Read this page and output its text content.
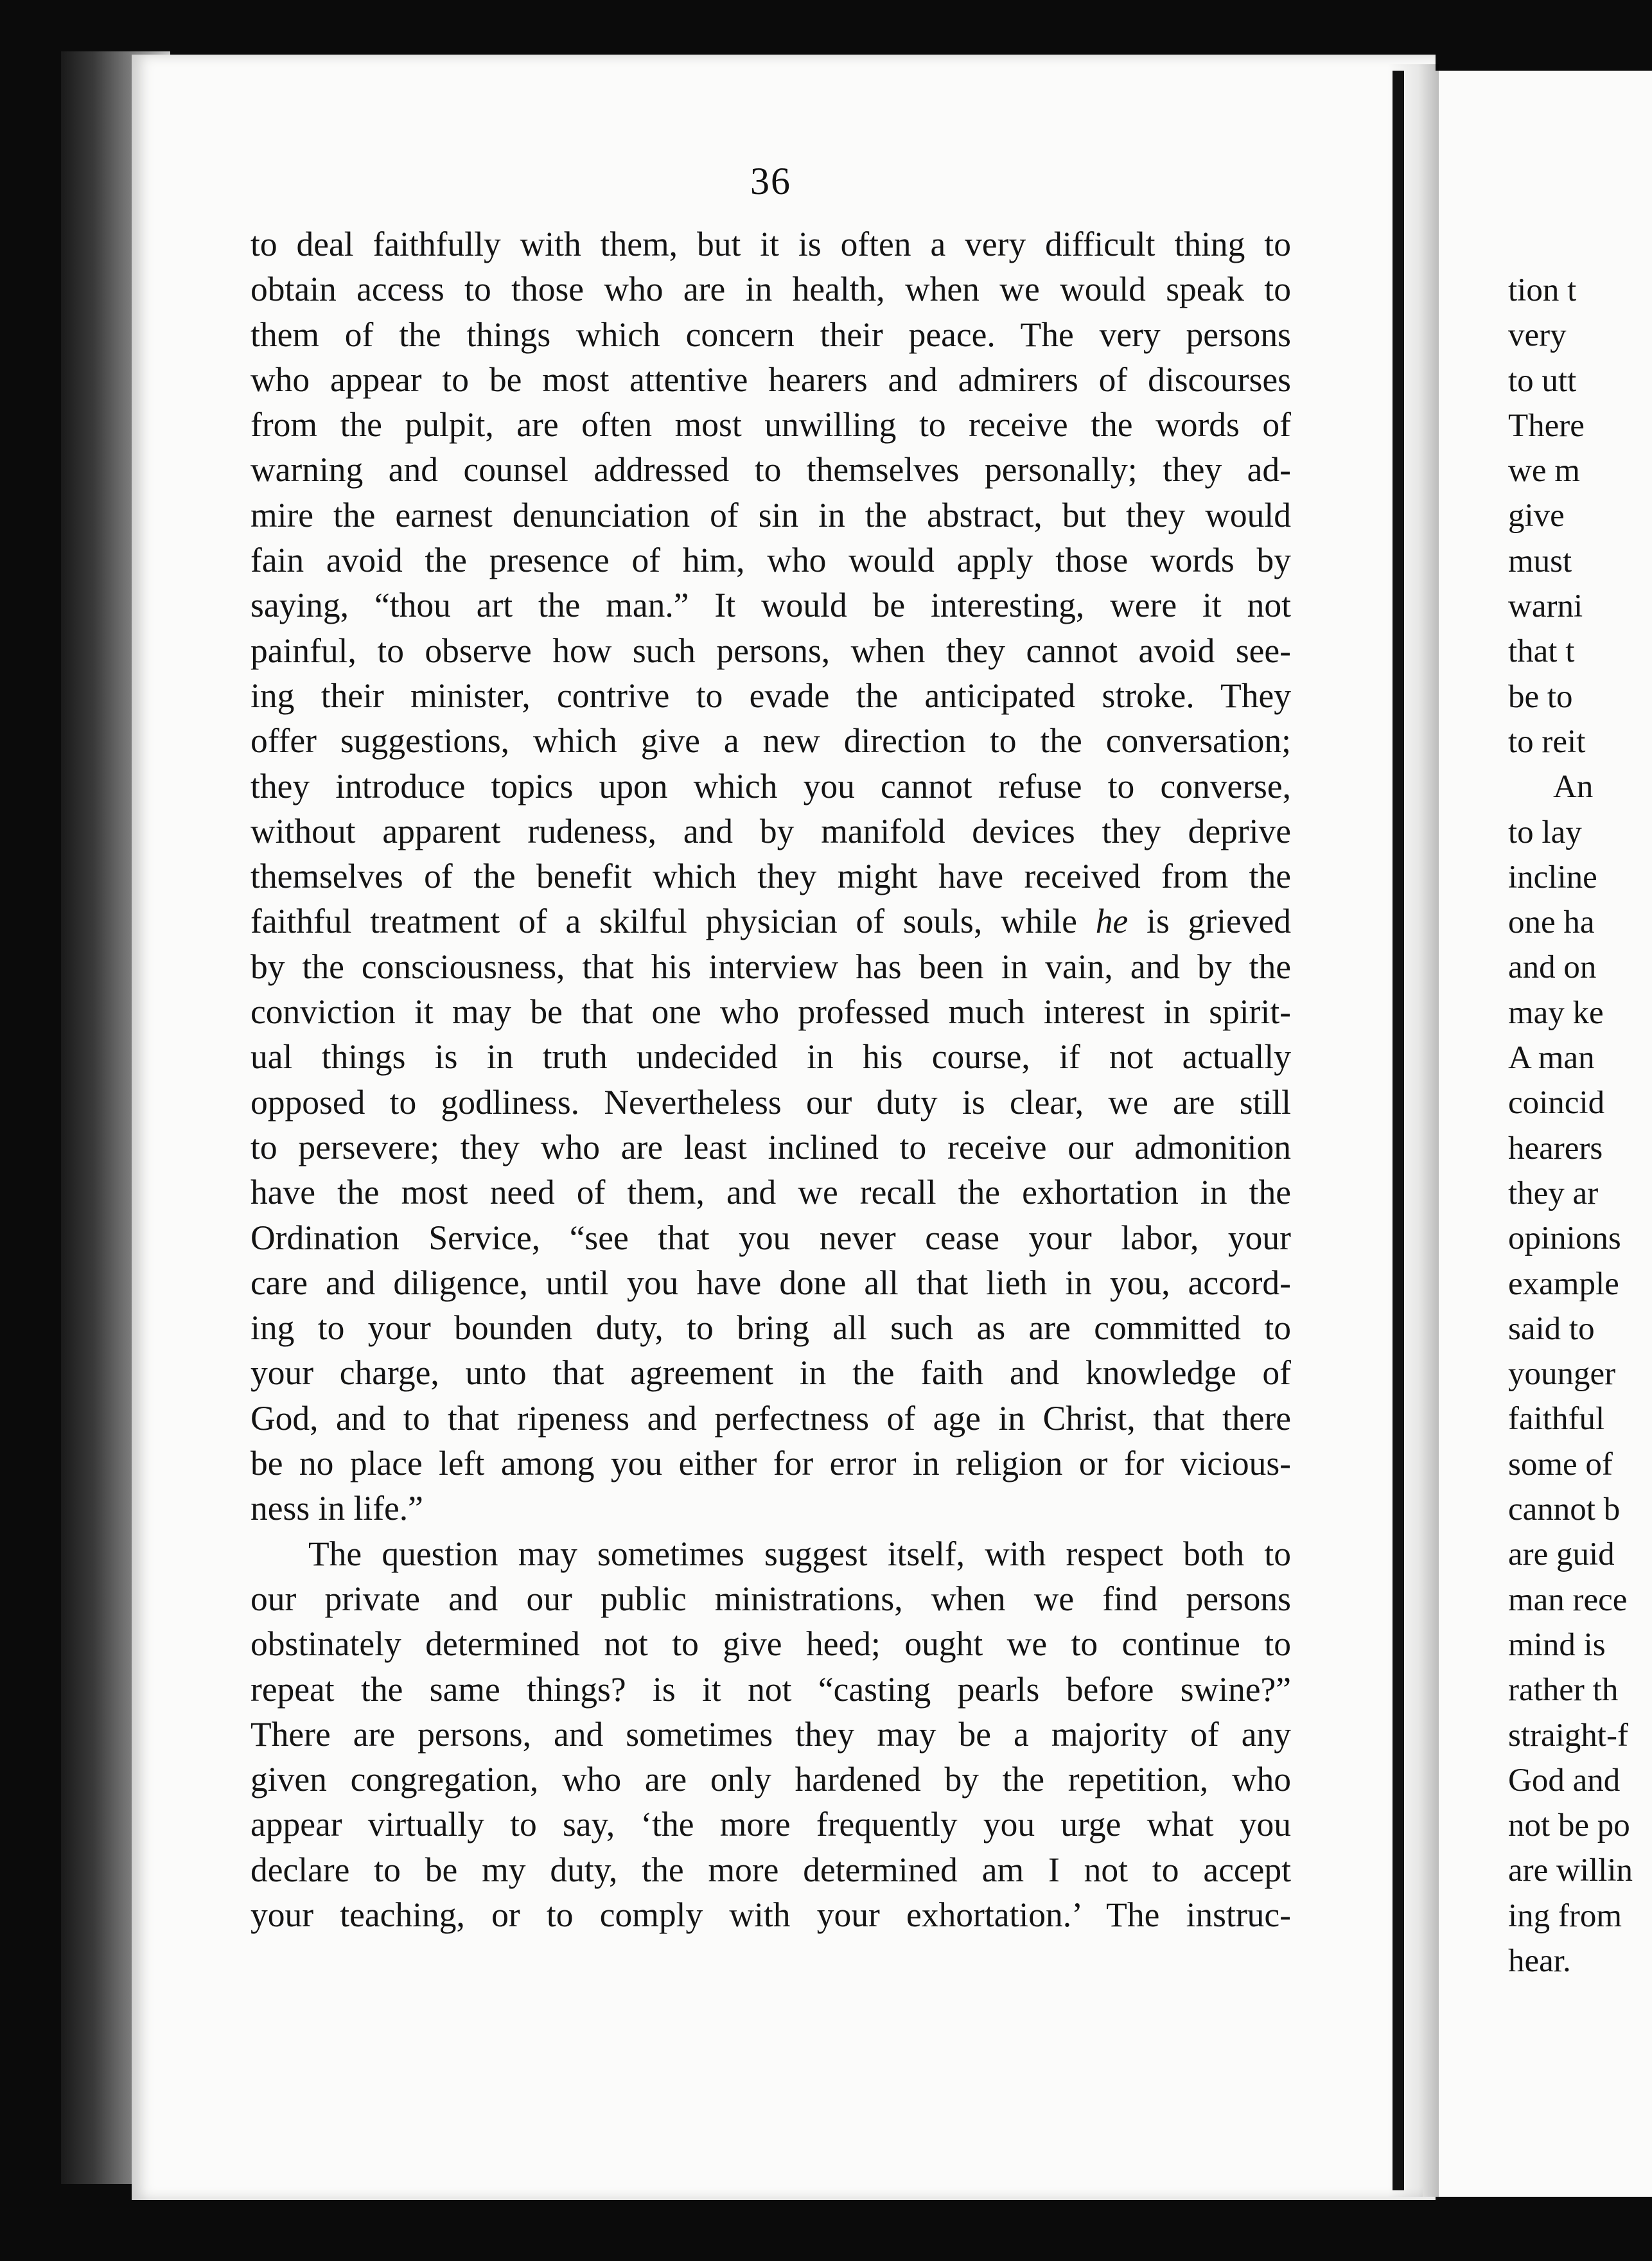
36
to deal faithfully with them, but it is often a very difficult thing to
obtain access to those who are in health, when we would speak to
them of the things which concern their peace. The very persons
who appear to be most attentive hearers and admirers of discourses
from the pulpit, are often most unwilling to receive the words of
warning and counsel addressed to themselves personally; they ad-
mire the earnest denunciation of sin in the abstract, but they would
fain avoid the presence of him, who would apply those words by
saying, “thou art the man.” It would be interesting, were it not
painful, to observe how such persons, when they cannot avoid see-
ing their minister, contrive to evade the anticipated stroke. They
offer suggestions, which give a new direction to the conversation;
they introduce topics upon which you cannot refuse to converse,
without apparent rudeness, and by manifold devices they deprive
themselves of the benefit which they might have received from the
faithful treatment of a skilful physician of souls, while he is grieved
by the consciousness, that his interview has been in vain, and by the
conviction it may be that one who professed much interest in spirit-
ual things is in truth undecided in his course, if not actually
opposed to godliness. Nevertheless our duty is clear, we are still
to persevere; they who are least inclined to receive our admonition
have the most need of them, and we recall the exhortation in the
Ordination Service, “see that you never cease your labor, your
care and diligence, until you have done all that lieth in you, accord-
ing to your bounden duty, to bring all such as are committed to
your charge, unto that agreement in the faith and knowledge of
God, and to that ripeness and perfectness of age in Christ, that there
be no place left among you either for error in religion or for vicious-
ness in life.”
The question may sometimes suggest itself, with respect both to
our private and our public ministrations, when we find persons
obstinately determined not to give heed; ought we to continue to
repeat the same things? is it not “casting pearls before swine?”
There are persons, and sometimes they may be a majority of any
given congregation, who are only hardened by the repetition, who
appear virtually to say, ‘the more frequently you urge what you
declare to be my duty, the more determined am I not to accept
your teaching, or to comply with your exhortation.’ The instruc-
tion t
very
to utt
There
we m
give
must
warni
that t
be to
to reit
An
to lay
incline
one ha
and on
may ke
A man
coincid
hearers
they ar
opinions
example
said to
younger
faithful
some of
cannot b
are guid
man rece
mind is
rather th
straight-f
God and
not be po
are willin
ing from
hear.
